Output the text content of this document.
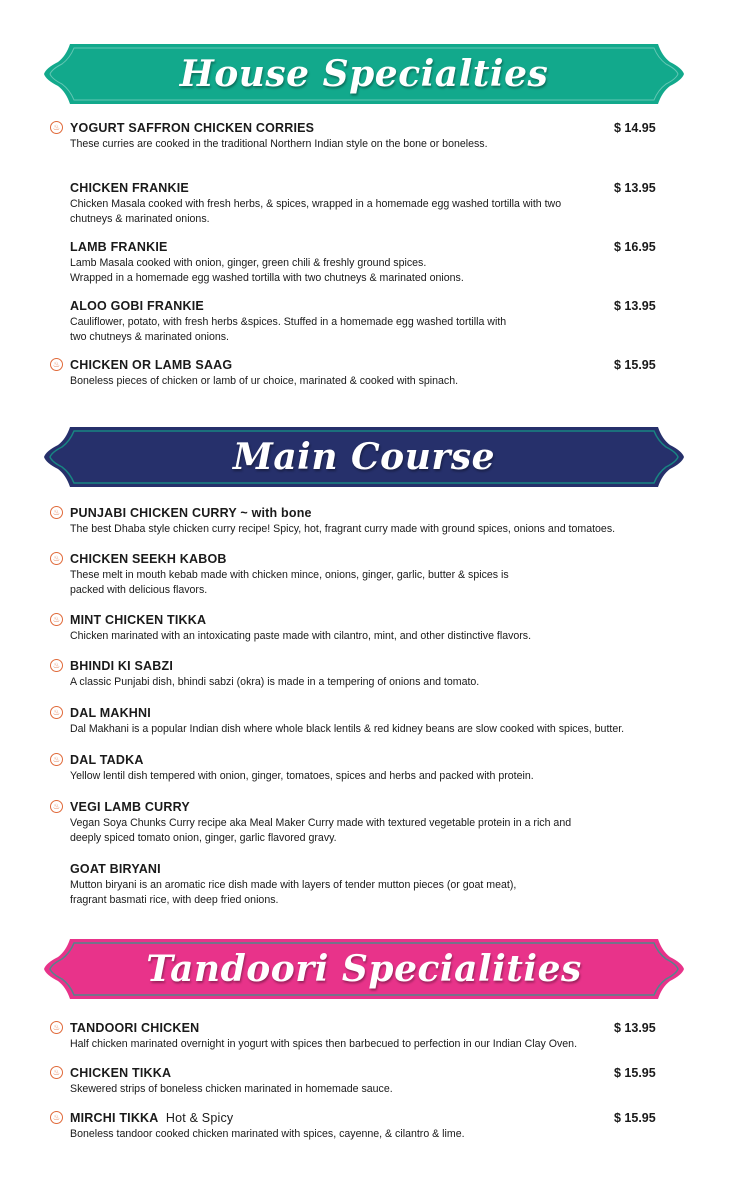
House Specialties
♨ YOGURT SAFFRON CHICKEN CORRIES	$ 14.95
These curries are cooked in the traditional Northern Indian style on the bone or boneless.
CHICKEN FRANKIE	$ 13.95
Chicken Masala cooked with fresh herbs, & spices, wrapped in a homemade egg washed tortilla with two
chutneys & marinated onions.
LAMB FRANKIE	$ 16.95
Lamb Masala cooked with onion, ginger, green chili & freshly ground spices.
Wrapped in a homemade egg washed tortilla with two chutneys & marinated onions.
ALOO GOBI FRANKIE	$ 13.95
Cauliflower, potato, with fresh herbs &spices. Stuffed in a homemade egg washed tortilla with
two chutneys & marinated onions.
♨ CHICKEN OR LAMB SAAG	$ 15.95
Boneless pieces of chicken or lamb of ur choice, marinated & cooked with spinach.
Main Course
♨ PUNJABI CHICKEN CURRY ~ with bone
The best Dhaba style chicken curry recipe! Spicy, hot, fragrant curry made with ground spices, onions and tomatoes.
♨ CHICKEN SEEKH KABOB
These melt in mouth kebab made with chicken mince, onions, ginger, garlic, butter & spices is
packed with delicious flavors.
♨ MINT CHICKEN TIKKA
Chicken marinated with an intoxicating paste made with cilantro, mint, and other distinctive flavors.
♨ BHINDI KI SABZI
A classic Punjabi dish, bhindi sabzi (okra) is made in a tempering of onions and tomato.
♨ DAL MAKHNI
Dal Makhani is a popular Indian dish where whole black lentils & red kidney beans are slow cooked with spices, butter.
♨ DAL TADKA
Yellow lentil dish tempered with onion, ginger, tomatoes, spices and herbs and packed with protein.
♨ VEGI LAMB CURRY
Vegan Soya Chunks Curry recipe aka Meal Maker Curry made with textured vegetable protein in a rich and
deeply spiced tomato onion, ginger, garlic flavored gravy.
GOAT BIRYANI
Mutton biryani is an aromatic rice dish made with layers of tender mutton pieces (or goat meat),
fragrant basmati rice, with deep fried onions.
Tandoori Specialities
♨ TANDOORI CHICKEN	$ 13.95
Half chicken marinated overnight in yogurt with spices then barbecued to perfection in our Indian Clay Oven.
♨ CHICKEN TIKKA	$ 15.95
Skewered strips of boneless chicken marinated in homemade sauce.
♨ MIRCHI TIKKA Hot & Spicy	$ 15.95
Boneless tandoor cooked chicken marinated with spices, cayenne, & cilantro & lime.
